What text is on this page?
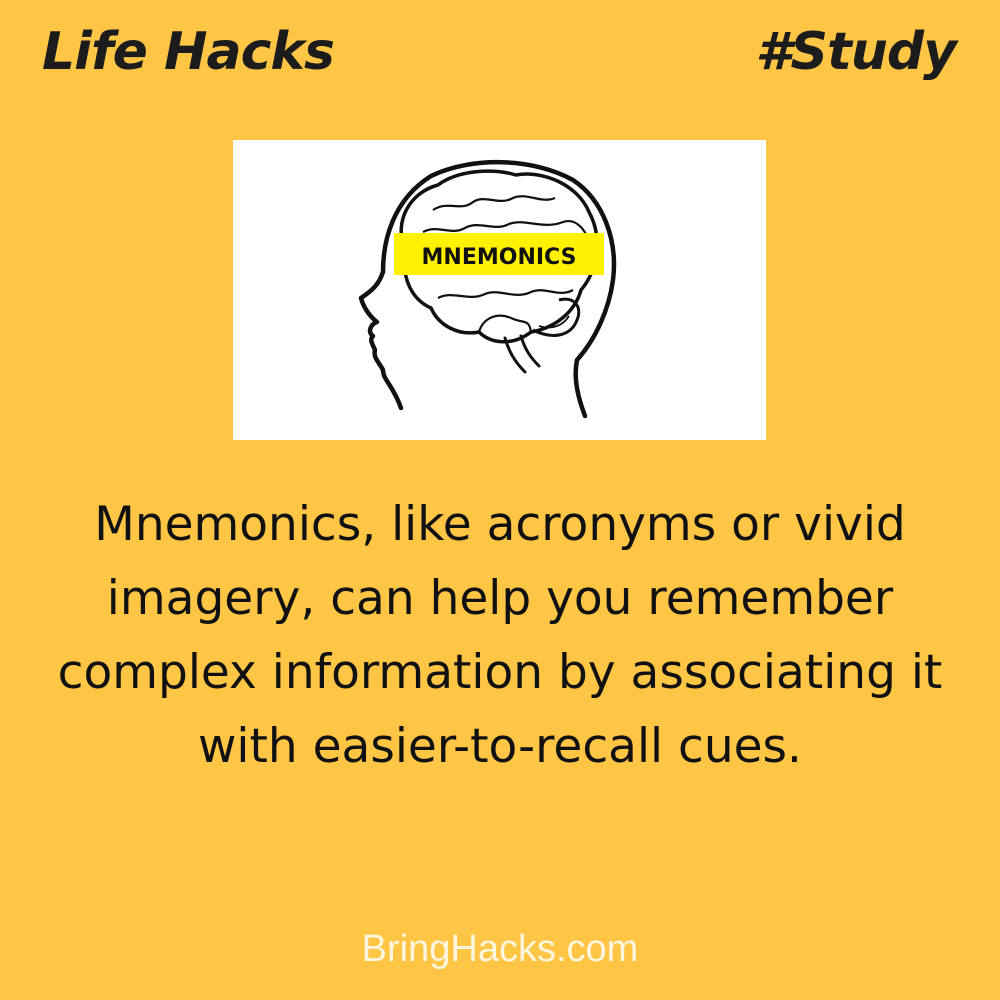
Life Hacks	#Study
MNEMONICS

Mnemonics, like acronyms or vivid imagery, can help you remember complex information by associating it with easier-to-recall cues.

BringHacks.com
